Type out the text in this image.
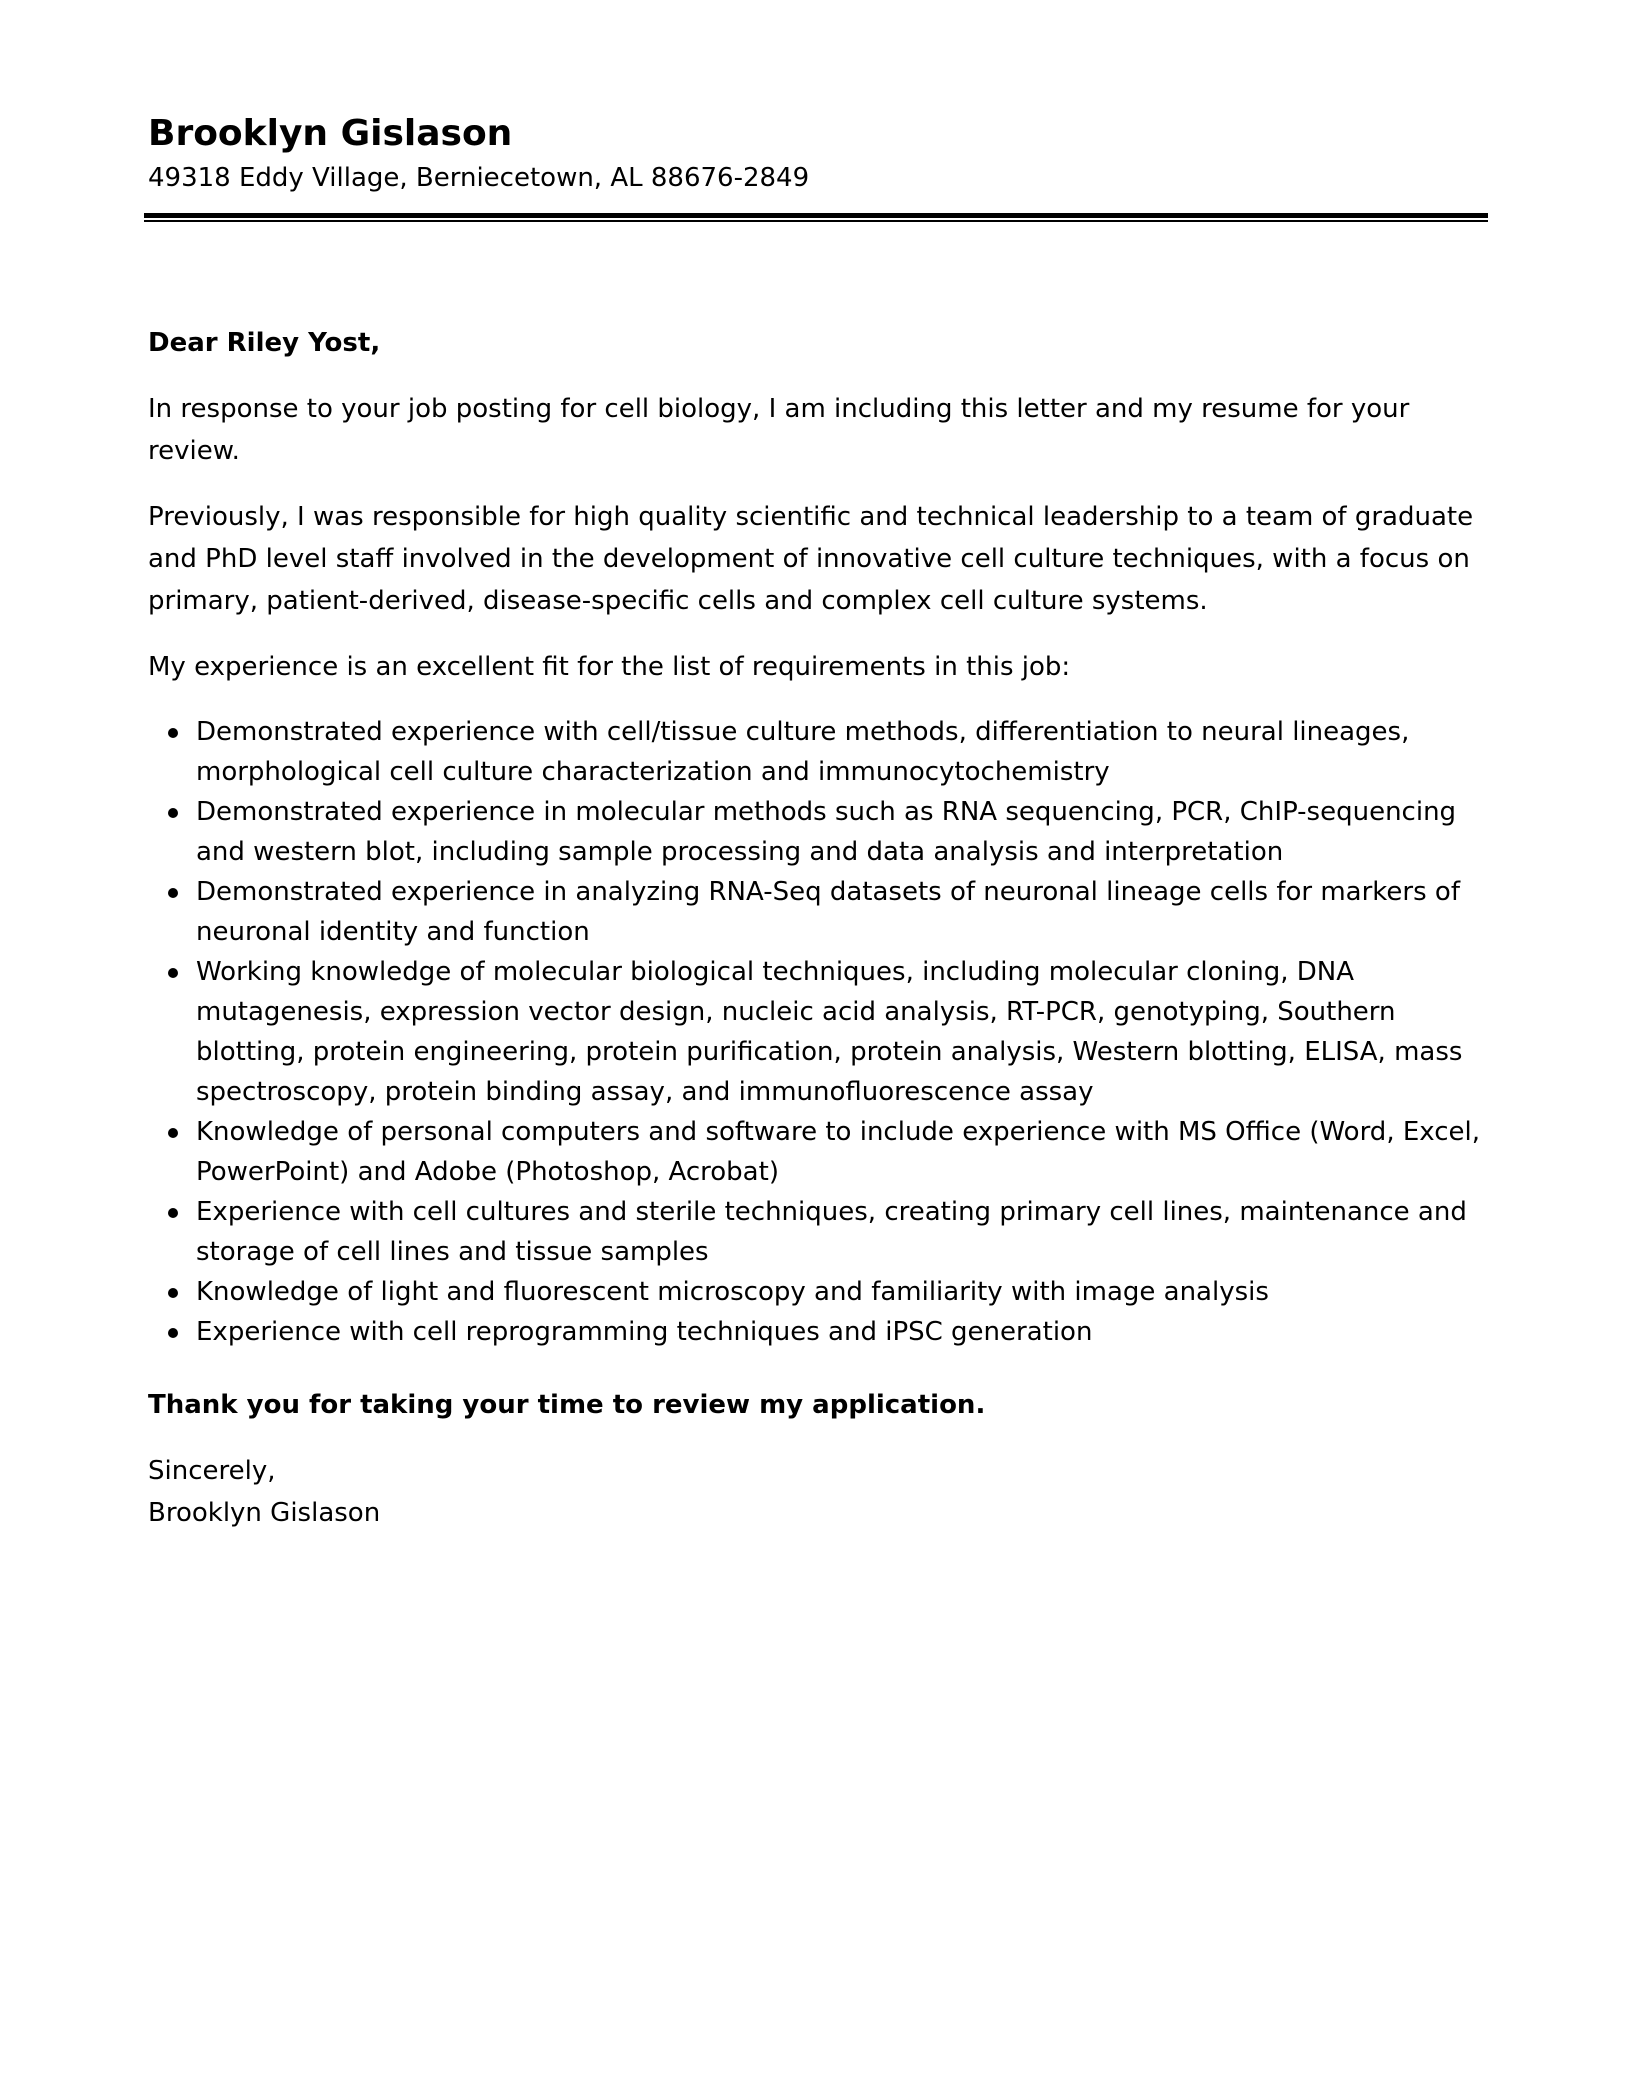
Brooklyn Gislason

49318 Eddy Village, Berniecetown, AL 88676-2849

Dear Riley Yost,

In response to your job posting for cell biology, I am including this letter and my resume for your review.

Previously, I was responsible for high quality scientific and technical leadership to a team of graduate and PhD level staff involved in the development of innovative cell culture techniques, with a focus on primary, patient-derived, disease-specific cells and complex cell culture systems.

My experience is an excellent fit for the list of requirements in this job:

Demonstrated experience with cell/tissue culture methods, differentiation to neural lineages, morphological cell culture characterization and immunocytochemistry
Demonstrated experience in molecular methods such as RNA sequencing, PCR, ChIP-sequencing and western blot, including sample processing and data analysis and interpretation
Demonstrated experience in analyzing RNA-Seq datasets of neuronal lineage cells for markers of neuronal identity and function
Working knowledge of molecular biological techniques, including molecular cloning, DNA mutagenesis, expression vector design, nucleic acid analysis, RT-PCR, genotyping, Southern blotting, protein engineering, protein purification, protein analysis, Western blotting, ELISA, mass spectroscopy, protein binding assay, and immunofluorescence assay
Knowledge of personal computers and software to include experience with MS Office (Word, Excel, PowerPoint) and Adobe (Photoshop, Acrobat)
Experience with cell cultures and sterile techniques, creating primary cell lines, maintenance and storage of cell lines and tissue samples
Knowledge of light and fluorescent microscopy and familiarity with image analysis
Experience with cell reprogramming techniques and iPSC generation

Thank you for taking your time to review my application.

Sincerely,

Brooklyn Gislason
